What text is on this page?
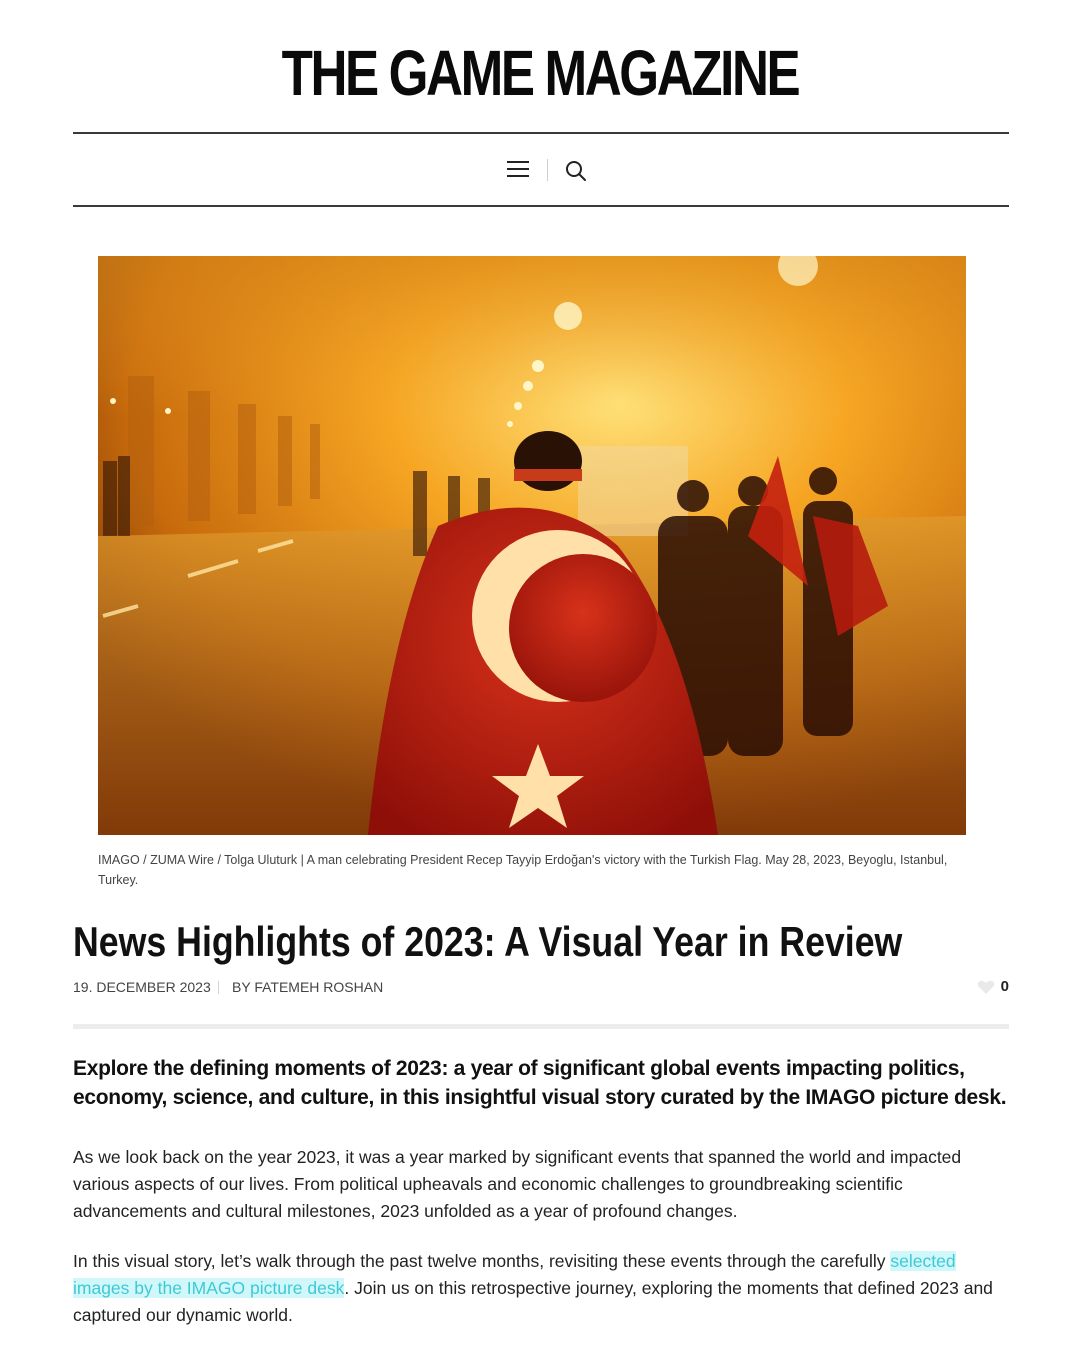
THE GAME MAGAZINE
IMAGO / ZUMA Wire / Tolga Uluturk | A man celebrating President Recep Tayyip Erdoğan's victory with the Turkish Flag. May 28, 2023, Beyoglu, Istanbul, Turkey.
News Highlights of 2023: A Visual Year in Review
19. DECEMBER 2023 BY FATEMEH ROSHAN	0

Explore the defining moments of 2023: a year of significant global events impacting politics, economy, science, and culture, in this insightful visual story curated by the IMAGO picture desk.

As we look back on the year 2023, it was a year marked by significant events that spanned the world and impacted various aspects of our lives. From political upheavals and economic challenges to groundbreaking scientific advancements and cultural milestones, 2023 unfolded as a year of profound changes.

In this visual story, let’s walk through the past twelve months, revisiting these events through the carefully selected images by the IMAGO picture desk. Join us on this retrospective journey, exploring the moments that defined 2023 and captured our dynamic world.
